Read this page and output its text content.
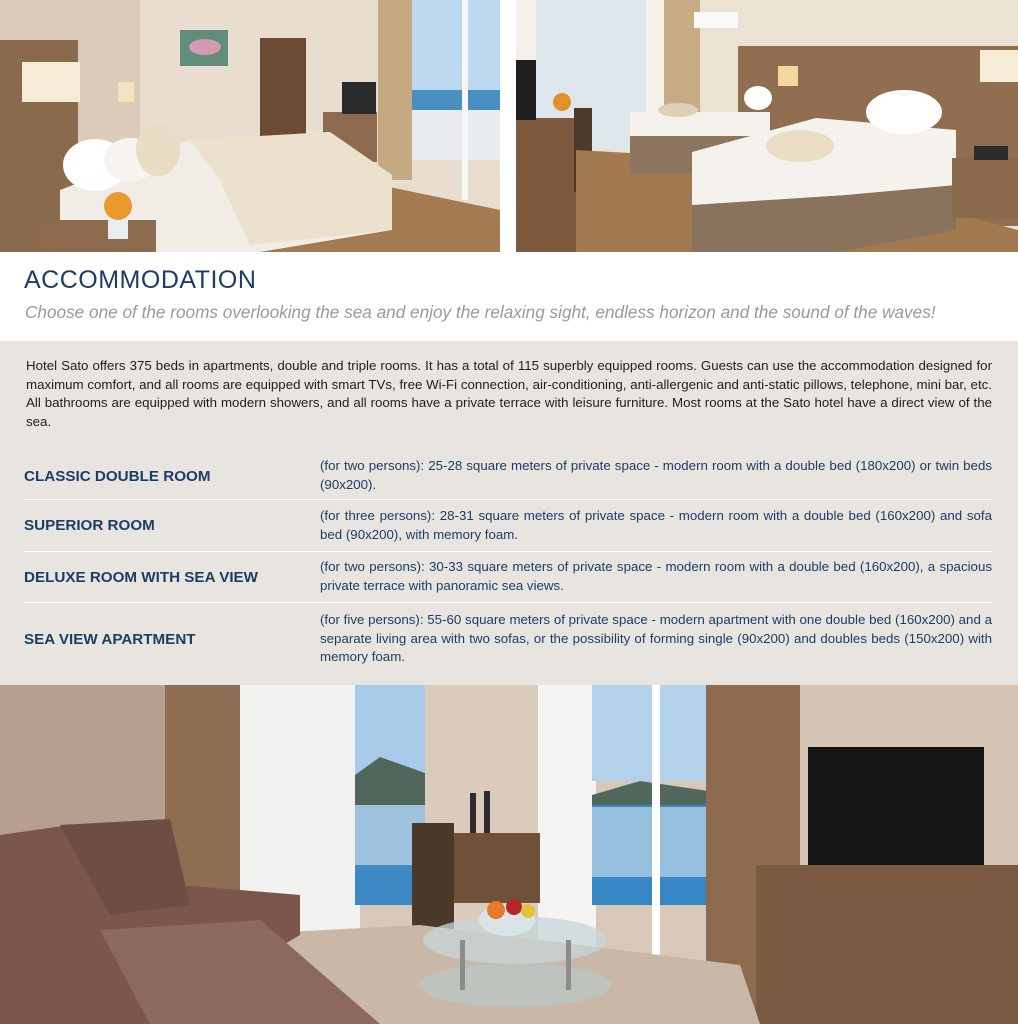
ACCOMMODATION

Choose one of the rooms overlooking the sea and enjoy the relaxing sight, endless horizon and the sound of the waves!

Hotel Sato offers 375 beds in apartments, double and triple rooms. It has a total of 115 superbly equipped rooms. Guests can use the accommodation designed for maximum comfort, and all rooms are equipped with smart TVs, free Wi-Fi connection, air-conditioning, anti-allergenic and anti-static pillows, telephone, mini bar, etc. All bathrooms are equipped with modern showers, and all rooms have a private terrace with leisure furniture. Most rooms at the Sato hotel have a direct view of the sea.

CLASSIC DOUBLE ROOM
(for two persons): 25-28 square meters of private space - modern room with a double bed (180x200) or twin beds (90x200).
SUPERIOR ROOM
(for three persons): 28-31 square meters of private space - modern room with a double bed (160x200) and sofa bed (90x200), with memory foam.
DELUXE ROOM WITH SEA VIEW
(for two persons): 30-33 square meters of private space - modern room with a double bed (160x200), a spacious private terrace with panoramic sea views.
SEA VIEW APARTMENT
(for five persons): 55-60 square meters of private space - modern apartment with one double bed (160x200) and a separate living area with two sofas, or the possibility of forming single (90x200) and doubles beds (150x200) with memory foam.
